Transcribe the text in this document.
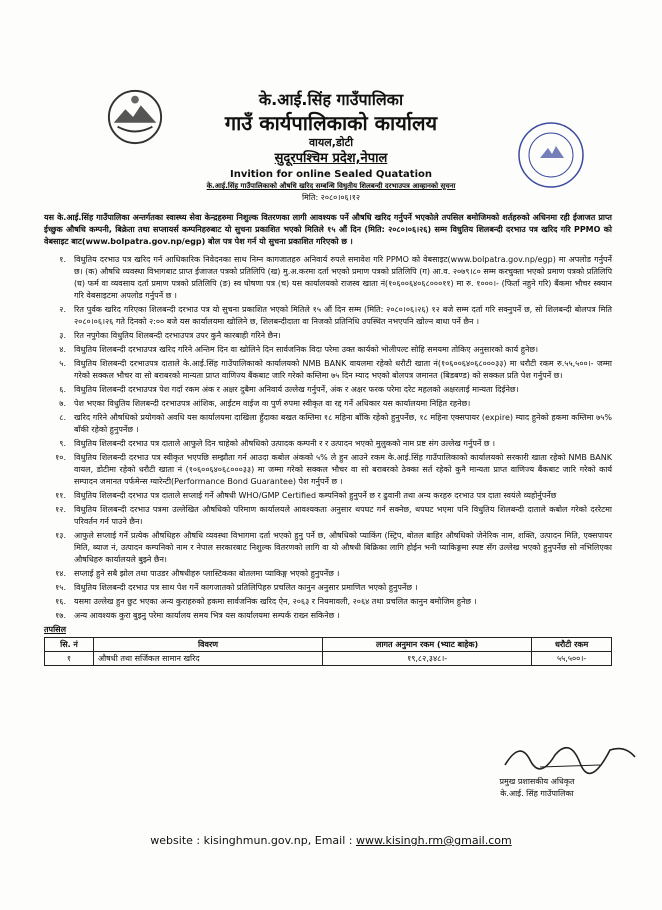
के.आई.सिंह गाउँपालिका
गाउँ कार्यपालिकाको कार्यालय
वायल,डोटी
सुदूरपश्चिम प्रदेश,नेपाल
Invition for online Sealed Quatation
के.आई.सिंह गाउँपालिकाको औषधि खरिद सम्बन्धि विधुतीय शिलबन्दी दरभाउपत्र आव्हानको सूचना
मिति: २०८०।०६।१२

यस के.आई.सिंह गाउँपालिका अन्तर्गतका स्वास्थ्य सेवा केन्द्रहरुमा निशुल्क वितरणका लागी आवश्यक पर्ने औषधि खरिद गर्नुपर्ने भएकोले तपसिल बमोजिमको शर्तहरुको अधिनमा रही ईजाजत प्राप्त ईच्छुक औषधि कम्पनी, बिक्रेता तथा सप्लायर्स कम्पनिहरुबाट यो सुचना प्रकाशित भएको मितिले १५ औं दिन (मिति: २०८०।०६।२६) सम्म विधुतिय शिलबन्दी दरभाउ पत्र खरिद गरि PPMO को वेबसाइट बाट(www.bolpatra.gov.np/egp) बोल पत्र पेश गर्न यो सुचना प्रकाशित गरिएको छ ।

१.	विधुतिय दरभाउ पत्र खरिद गर्न आधिकारिक निवेदनका साथ निम्न कागजातहरु अनिवार्य रुपले समावेश गरि PPMO को वेबसाइट(www.bolpatra.gov.np/egp) मा अपलोड गर्नुपर्ने छ। (क) औषधि व्यवस्था विभागबाट प्राप्त ईजाजत पत्रको प्रतिलिपि (ख) मु.अ.करमा दर्ता भएको प्रमाण पत्रको प्रतिलिपि (ग) आ.व. २०७९।८० सम्म करचुक्ता भएको प्रमाण पत्रको प्रतिलिपि (घ) फर्म वा व्यवसाय दर्ता प्रमाण पत्रको प्रतिलिपि (ङ) स्व घोषणा पत्र (च) यस कार्यालयको राजस्व खाता नं(१०६००६४०६८०००११) मा रु. १०००।- (फिर्ता नहुने गरि) बैंकमा भौचर स्क्यान गरि वेबसाइटमा अपलोड गर्नुपर्ने छ ।
२.	रित पुर्वक खरिद गरिएका शिलबन्दी दरभाउ पत्र यो सुचना प्रकाशित भएको मितिले १५ औं दिन सम्म (मिति: २०८०।०६।२६) १२ बजे सम्म दर्ता गरि सक्नुपर्ने छ, सो शिलबन्दी बोलपत्र मिति २०८०।०६।२६ गते दिनको २:०० बजे यस कार्यालयमा खोलिने छ, शिलबन्दीदाता वा निजको प्रतिनिधि उपस्थित नभएपनि खोल्न बाधा पर्ने छैन ।
३.	रित नपुगेका विधुतिय शिलबन्दी दरभाउपत्र उपर कुनै कारबाही गरिने छैन।
४.	विधुतिय शिलबन्दी दरभाउपत्र खरिद गरिने अन्तिम दिन वा खोलिने दिन सार्वजनिक विदा परेमा उक्त कार्यको भोलीपल्ट सोहि समयमा तोकिए अनुसारको कार्य हुनेछ।
५.	विधुतिय शिलबन्दी दरभाउपत्र दाताले के.आई.सिंह गाउँपालिकाको कार्यालयको NMB BANK वायलमा रहेको धरौटी खाता नं(१०६००६४०६८०००३३) मा धरौटी रकम रु.५५,५००।- जम्मा गरेको सक्कल भौचर वा सो बराबरको मान्यता प्राप्त वाणिज्य बैंकबाट जारि गरेको कम्तिमा ७५ दिन म्याद भएको बोलपत्र जमानत (बिडबण्ड) को सक्कल प्रति पेश गर्नुपर्ने छ।
६.	विधुतिय शिलबन्दी दरभाउपत्र पेश गर्दा रकम अंक र अक्षर दुबैमा अनिवार्य उल्लेख गर्नुपर्ने, अंक र अक्षर फरक परेमा दरेट महलको अक्षरलाई मान्यता दिईनेछ।
७.	पेश भएका विधुतिय शिलबन्दी दरभाउपत्र आंशिक, आईटम वाईज वा पुर्ण रुपमा स्वीकृत वा रद्द गर्ने अधिकार यस कार्यालयमा निहित रहनेछ।
८.	खरिद गरिने औषधिको प्रयोगको अवधि यस कार्यालयमा दाखिला हुँदाका बखत कम्तिमा १८ महिना बाँकि रहेको हुनुपर्नेछ, १८ महिना एक्सपायर (expire) म्याद हुनेको हकमा कम्तिमा ७५% बाँकी रहेको हुनुपर्नेछ ।
९.	विधुतिय शिलबन्दी दरभाउ पत्र दाताले आफुले दिन चाहेको औषधिको उत्पादक कम्पनी र र उत्पादन भएको मुलुकको नाम प्रष्ट संग उल्लेख गर्नुपर्ने छ ।
१०.	विधुतिय शिलबन्दी दरभाउ पत्र स्वीकृत भएपछि सम्झौता गर्न आउदा कबोल अंकको ५% ले हुन आउने रकम के.आई.सिंह गाउँपालिकाको कार्यालयको सरकारी खाता रहेको NMB BANK वायल, डोटीमा रहेको धरौटी खाता नं (१०६००६४०६८०००३३) मा जम्मा गरेको सक्कल भौचर वा सो बराबरको ठेक्का सर्त रहेको कुनै मान्यता प्राप्त वाणिज्य बैंकबाट जारि गरेको कार्य सम्पादन जमानत पर्फमेन्स ग्यारेन्टी(Performance Bond Guarantee) पेश गर्नुपर्ने छ ।
११.	विधुतिय शिलबन्दी दरभाउ पत्र दाताले सप्लाई गर्ने औषधी WHO/GMP Certified कम्पनिको हुनुपर्ने छ र ढुवानी तथा अन्य करहरु दरभाउ पत्र दाता स्वयंले व्यहोर्नुपर्नेछ
१२.	विधुतिय शिलबन्दी दरभाउ पत्रमा उल्लेखित औषधिको परिमाण कार्यालयले आवश्यकता अनुसार थपघट गर्न सक्नेछ, थपघट भएमा पनि विधुतिय शिलबन्दी दाताले कबोल गरेको दररेटमा परिवर्तन गर्न पाउने छैन।
१३.	आफुले सप्लाई गर्ने प्रत्येक औषधिहरु औषधि व्यवस्था विभागमा दर्ता भएको हुनु पर्ने छ, औषधिको प्याकिंग (स्ट्रिप, बोतल बाहिर औषधिको जेनेरिक नाम, शक्ति, उत्पादन मिति, एक्सपायर मिति, ब्याज नं, उत्पादन कम्पनिको नाम र नेपाल सरकारबाट निशुल्क वितरणको लागि वा यो औषधी बिक्रिका लागि होईन भनी प्याकिङ्गमा स्पष्ट सँग उल्लेख भएको हुनुपर्नेछ सो नभिलिएका औषधिहरु कार्यालयले बुझ्ने छैन।
१४.	सप्लाई हुने सबै झोल तथा पाउडर औषधीहरु प्लास्टिकका बोतलमा प्याकिङ्ग भएको हुनुपर्नेछ ।
१५.	विधुतिय शिलबन्दी दरभाउ पत्र साथ पेश गर्ने कागजातको प्रतिलिपिहरु प्रचलित कानुन अनुसार प्रमाणित भएको हुनुपर्नेछ ।
१६.	यसमा उल्लेख हुन छुट भएका अन्य कुराहरुको हकमा सार्वजनिक खरिद ऐन, २०६३ र नियमावली, २०६४ तथा प्रचलित कानुन बमोजिम हुनेछ ।
१७.	अन्य आवश्यक कुरा बुझ्नु परेमा कार्यालय समय भित्र यस कार्यालयमा सम्पर्क राख्न सकिनेछ ।
तपसिल
सि. नं	विवरण	लागत अनुमान रकम (भ्याट बाहेक)	धरौटी रकम
१	औषधी तथा सर्जिकल सामान खरिद	१९,८२,३४८।-	५५,५००।-
प्रमुख प्रशासकीय अधिकृत
के.आई. सिंह गाउँपालिका
website : kisinghmun.gov.np, Email : www.kisingh.rm@gmail.com
